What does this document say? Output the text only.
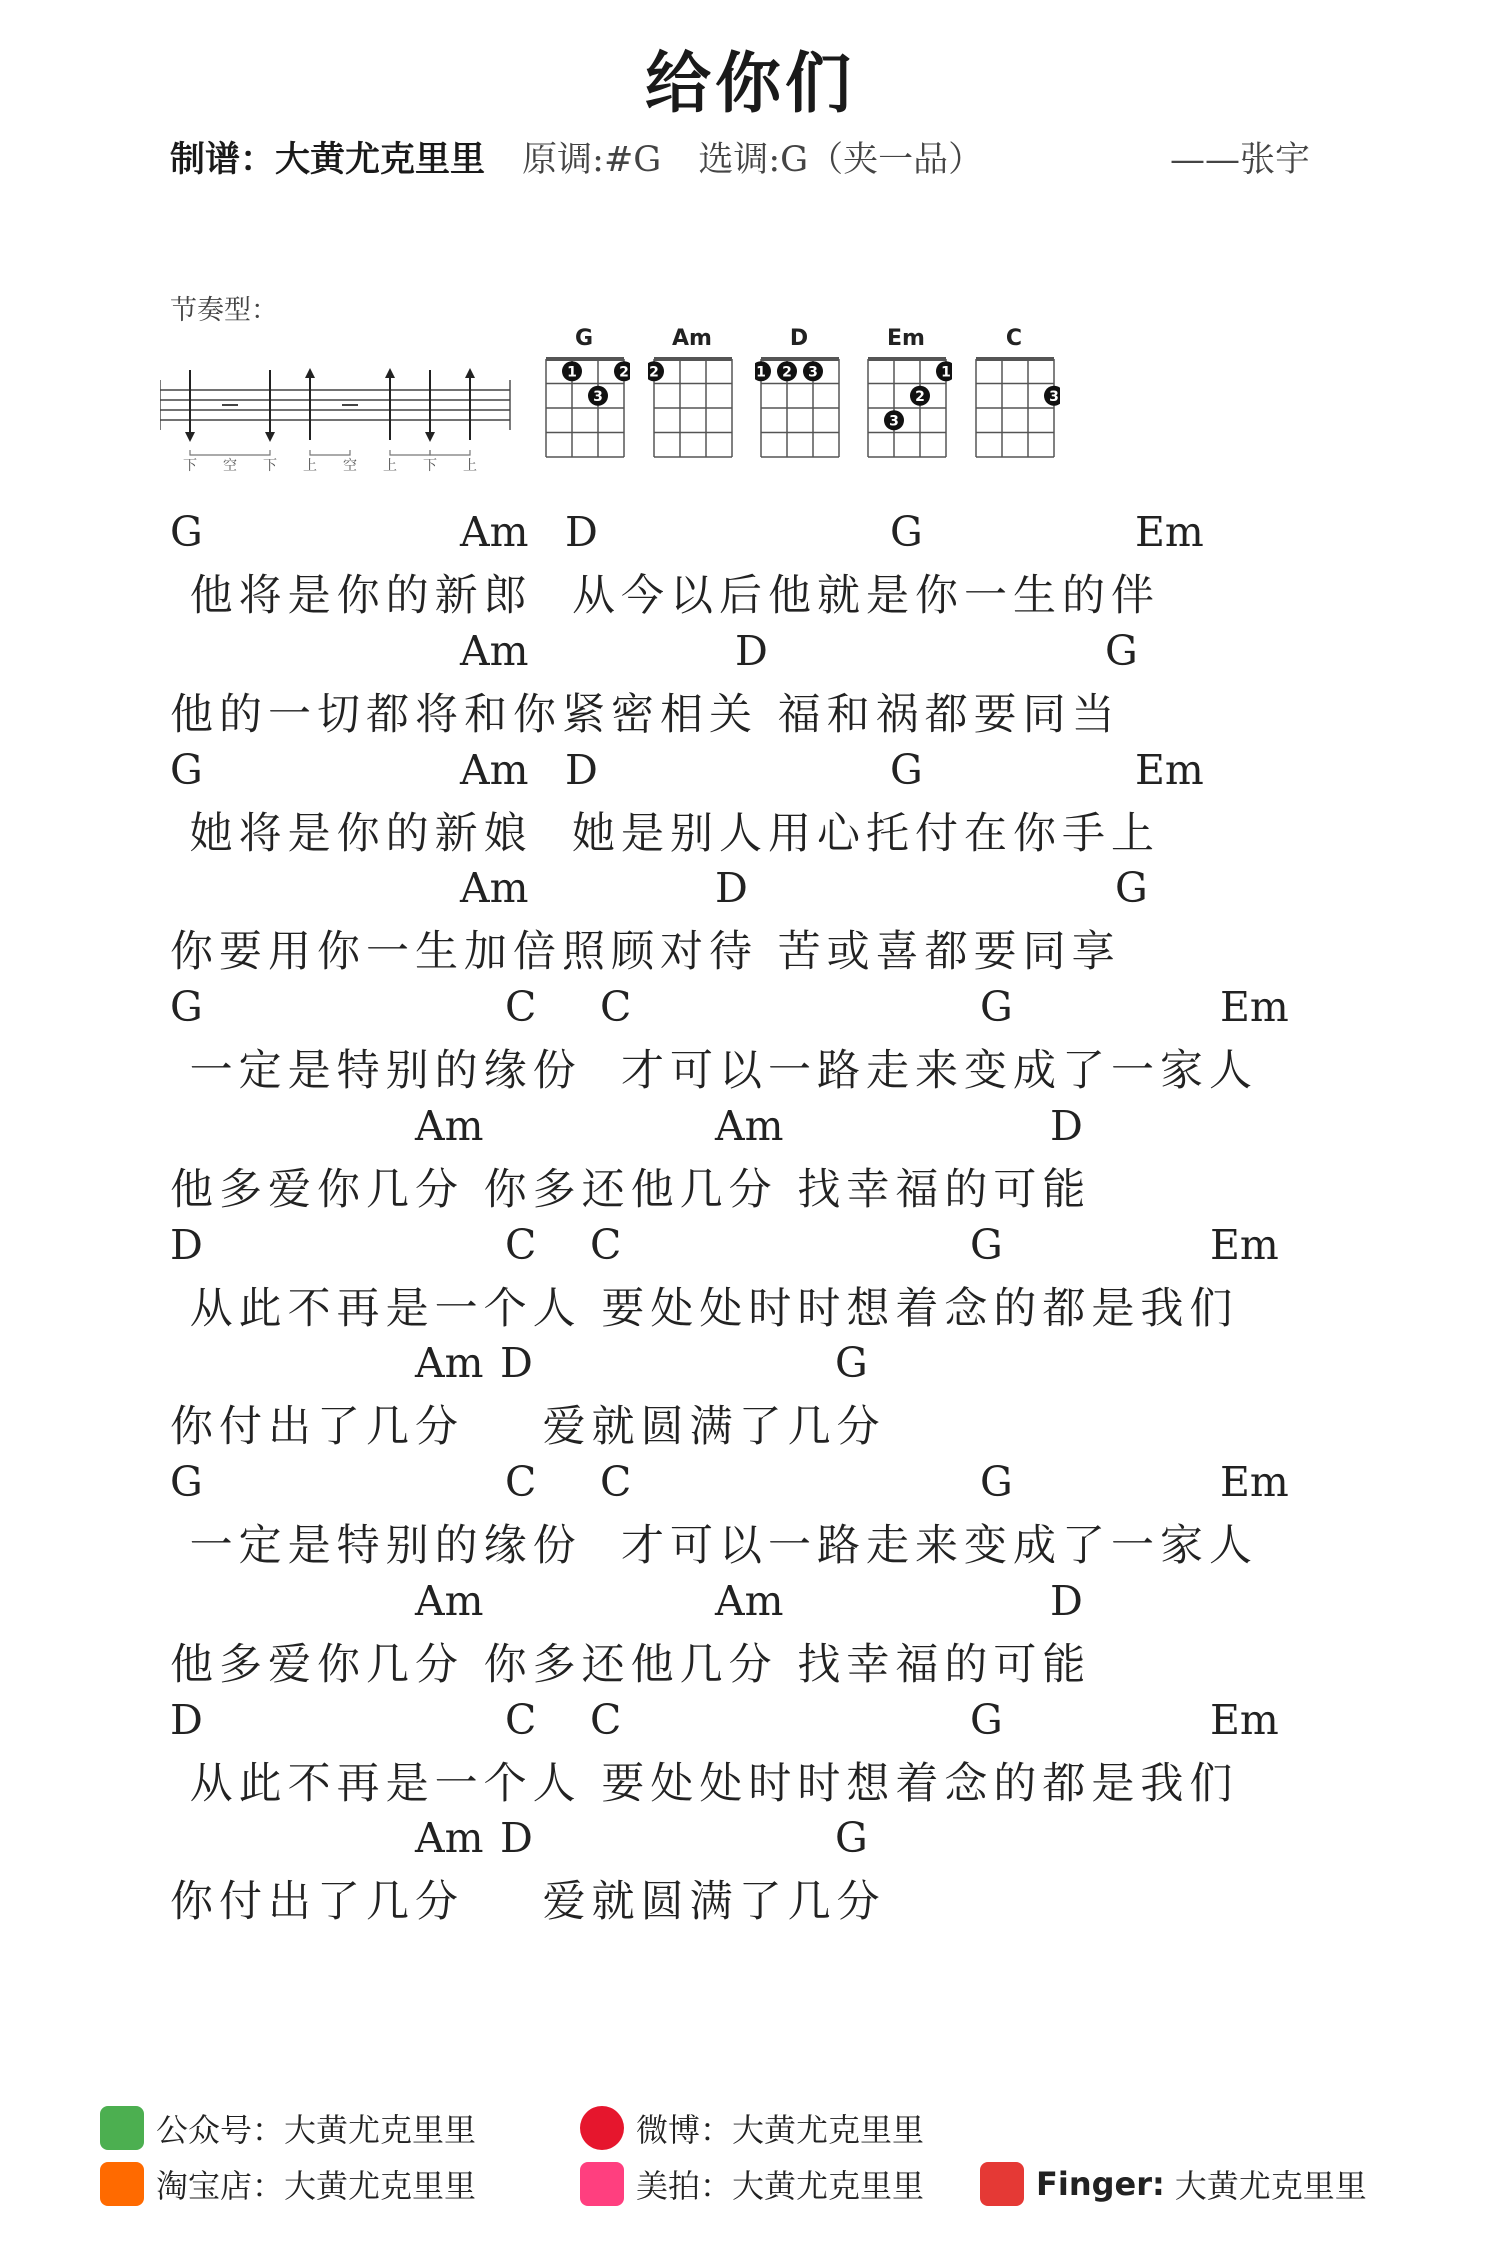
给你们
制谱：大黄尤克里里 原调:#G 选调:G（夹一品）	——张宇
节奏型：
下 空 下 上 空 上 下 上
G
1	2
3
Am
2
D
1 2 3
Em
1
2
3
C
3
G	Am D	G	Em
他将是你的新郎  从今以后他就是你一生的伴
Am	D	G
他的一切都将和你紧密相关 福和祸都要同当
G	Am D	G	Em
她将是你的新娘  她是别人用心托付在你手上
Am	D	G
你要用你一生加倍照顾对待 苦或喜都要同享
G	C C	G	Em
一定是特别的缘份  才可以一路走来变成了一家人
Am	Am	D
他多爱你几分 你多还他几分 找幸福的可能
D	C C	G	Em
从此不再是一个人 要处处时时想着念的都是我们
Am D	G
你付出了几分    爱就圆满了几分
G	C C	G	Em
一定是特别的缘份  才可以一路走来变成了一家人
Am	Am	D
他多爱你几分 你多还他几分 找幸福的可能
D	C C	G	Em
从此不再是一个人 要处处时时想着念的都是我们
Am D	G
你付出了几分    爱就圆满了几分
公众号：大黄尤克里里	微博：大黄尤克里里
淘宝店：大黄尤克里里	美拍：大黄尤克里里	Finger: 大黄尤克里里
